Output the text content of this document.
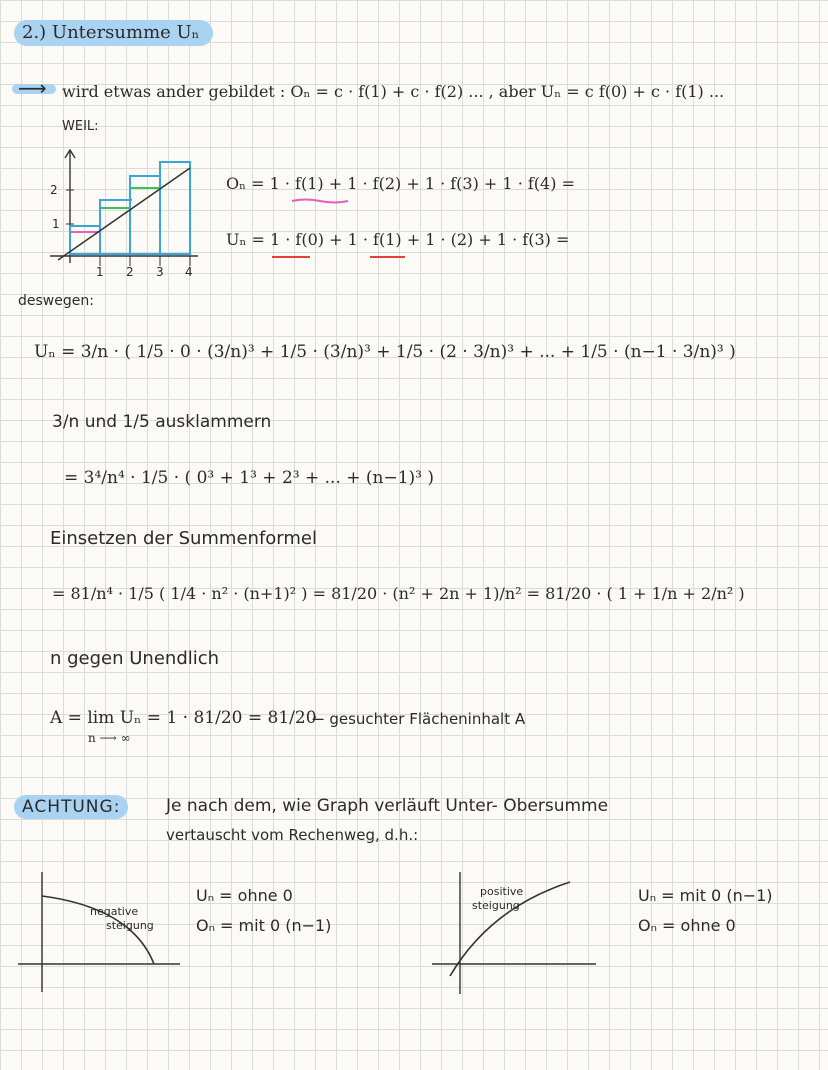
2.) Untersumme Uₙ
⟶ wird etwas ander gebildet : Oₙ = c · f(1) + c · f(2) ... , aber Uₙ = c f(0) + c · f(1) ...
WEIL:
2
1
1 2 3 4
Oₙ = 1 · f(1) + 1 · f(2) + 1 · f(3) + 1 · f(4) =
Uₙ = 1 · f(0) + 1 · f(1) + 1 · (2) + 1 · f(3) =
deswegen:
Uₙ = 3/n · ( 1/5 · 0 · (3/n)³ + 1/5 · (3/n)³ + 1/5 · (2 · 3/n)³ + ... + 1/5 · (n−1 · 3/n)³ )
3/n und 1/5 ausklammern
= 3⁴/n⁴ · 1/5 · ( 0³ + 1³ + 2³ + ... + (n−1)³ )
Einsetzen der Summenformel
= 81/n⁴ · 1/5 ( 1/4 · n² · (n+1)² ) = 81/20 · (n² + 2n + 1)/n² = 81/20 · ( 1 + 1/n + 2/n² )
n gegen Unendlich
A = lim Uₙ = 1 · 81/20 = 81/20
n ⟶ ∞
↼ gesuchter Flächeninhalt A
ACHTUNG:	Je nach dem, wie Graph verläuft Unter- Obersumme
vertauscht vom Rechenweg, d.h.:
negative
steigung
Uₙ = ohne 0
Oₙ = mit 0 (n−1)
positive
steigung
Uₙ = mit 0 (n−1)
Oₙ = ohne 0
